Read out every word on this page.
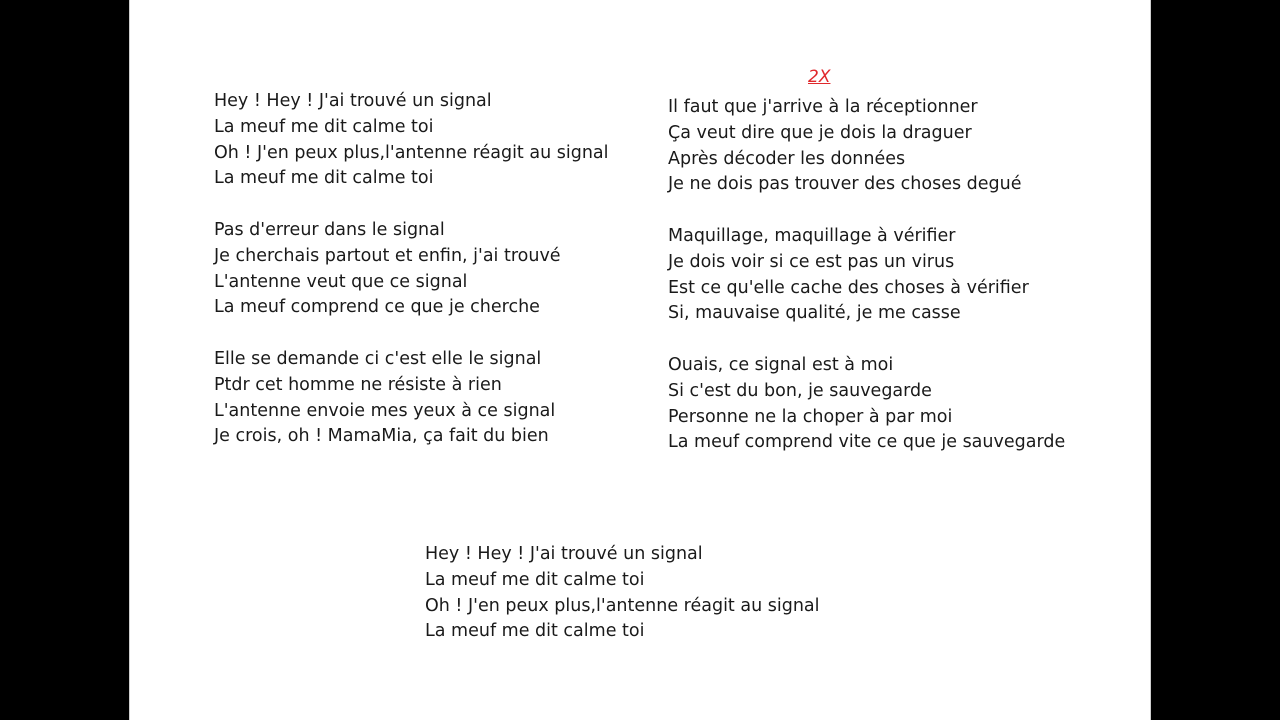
2X
Hey ! Hey ! J'ai trouvé un signal
La meuf me dit calme toi
Oh ! J'en peux plus,l'antenne réagit au signal
La meuf me dit calme toi
Pas d'erreur dans le signal
Je cherchais partout et enfin, j'ai trouvé
L'antenne veut que ce signal
La meuf comprend ce que je cherche
Elle se demande ci c'est elle le signal
Ptdr cet homme ne résiste à rien
L'antenne envoie mes yeux à ce signal
Je crois, oh ! MamaMia, ça fait du bien
Il faut que j'arrive à la réceptionner
Ça veut dire que je dois la draguer
Après décoder les données
Je ne dois pas trouver des choses degué
Maquillage, maquillage à vérifier
Je dois voir si ce est pas un virus
Est ce qu'elle cache des choses à vérifier
Si, mauvaise qualité, je me casse
Ouais, ce signal est à moi
Si c'est du bon, je sauvegarde
Personne ne la choper à par moi
La meuf comprend vite ce que je sauvegarde
Hey ! Hey ! J'ai trouvé un signal
La meuf me dit calme toi
Oh ! J'en peux plus,l'antenne réagit au signal
La meuf me dit calme toi
